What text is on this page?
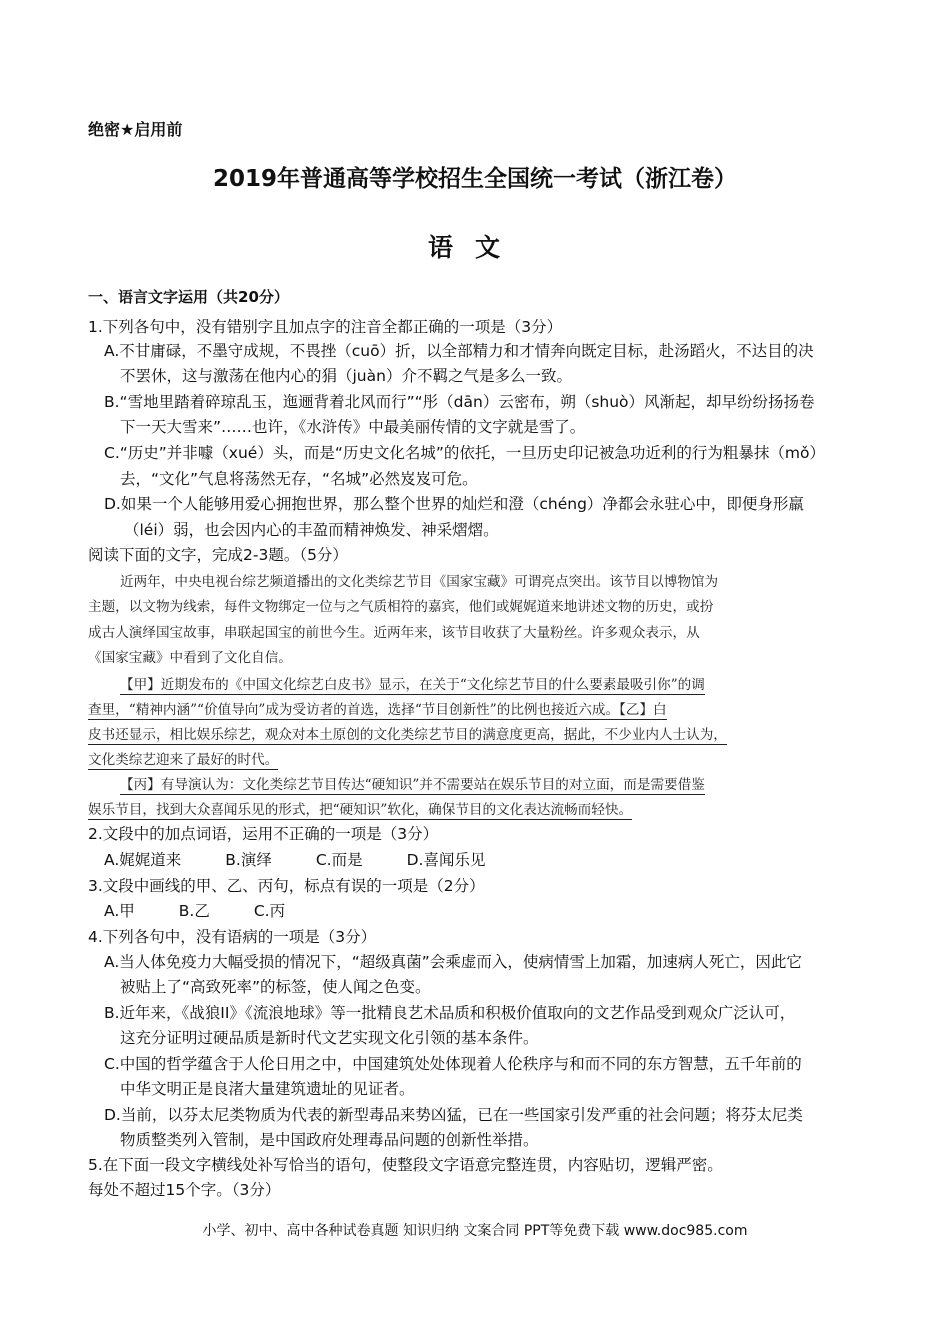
绝密★启用前
2019年普通高等学校招生全国统一考试（浙江卷）
语文
一、语言文字运用（共20分）
1.下列各句中，没有错别字且加点字的注音全都正确的一项是（3分）
A.不甘庸碌，不墨守成规，不畏挫（cuō）折，以全部精力和才情奔向既定目标，赴汤蹈火，不达目的决
不罢休，这与激荡在他内心的狷（juàn）介不羁之气是多么一致。
B.“雪地里踏着碎琼乱玉，迤逦背着北风而行”“彤（dān）云密布，朔（shuò）风渐起，却早纷纷扬扬卷
下一天大雪来”……也许，《水浒传》中最美丽传情的文字就是雪了。
C.“历史”并非噱（xué）头，而是“历史文化名城”的依托，一旦历史印记被急功近利的行为粗暴抹（mǒ）
去，“文化”气息将荡然无存，“名城”必然岌岌可危。
D.如果一个人能够用爱心拥抱世界，那么整个世界的灿烂和澄（chéng）净都会永驻心中，即便身形羸
（léi）弱，也会因内心的丰盈而精神焕发、神采熠熠。
阅读下面的文字，完成2-3题。（5分）
近两年，中央电视台综艺频道播出的文化类综艺节目《国家宝藏》可谓亮点突出。该节目以博物馆为
主题，以文物为线索，每件文物绑定一位与之气质相符的嘉宾，他们或娓娓道来地讲述文物的历史，或扮
成古人演绎国宝故事，串联起国宝的前世今生。近两年来，该节目收获了大量粉丝。许多观众表示，从
《国家宝藏》中看到了文化自信。
【甲】近期发布的《中国文化综艺白皮书》显示，在关于“文化综艺节目的什么要素最吸引你”的调
查里，“精神内涵”“价值导向”成为受访者的首选，选择“节目创新性”的比例也接近六成。【乙】白
皮书还显示，相比娱乐综艺，观众对本土原创的文化类综艺节目的满意度更高，据此，不少业内人士认为，
文化类综艺迎来了最好的时代。
【丙】有导演认为：文化类综艺节目传达“硬知识”并不需要站在娱乐节目的对立面，而是需要借鉴
娱乐节目，找到大众喜闻乐见的形式，把“硬知识”软化，确保节目的文化表达流畅而轻快。
2.文段中的加点词语，运用不正确的一项是（3分）
A.娓娓道来	B.演绎	C.而是	D.喜闻乐见
3.文段中画线的甲、乙、丙句，标点有误的一项是（2分）
A.甲	B.乙	C.丙
4.下列各句中，没有语病的一项是（3分）
A.当人体免疫力大幅受损的情况下，“超级真菌”会乘虚而入，使病情雪上加霜，加速病人死亡，因此它
被贴上了“高致死率”的标签，使人闻之色变。
B.近年来，《战狼II》《流浪地球》等一批精良艺术品质和积极价值取向的文艺作品受到观众广泛认可，
这充分证明过硬品质是新时代文艺实现文化引领的基本条件。
C.中国的哲学蕴含于人伦日用之中，中国建筑处处体现着人伦秩序与和而不同的东方智慧，五千年前的
中华文明正是良渚大量建筑遗址的见证者。
D.当前，以芬太尼类物质为代表的新型毒品来势凶猛，已在一些国家引发严重的社会问题；将芬太尼类
物质整类列入管制，是中国政府处理毒品问题的创新性举措。
5.在下面一段文字横线处补写恰当的语句，使整段文字语意完整连贯，内容贴切，逻辑严密。
每处不超过15个字。（3分）
小学、初中、高中各种试卷真题 知识归纳 文案合同 PPT等免费下载 www.doc985.com
